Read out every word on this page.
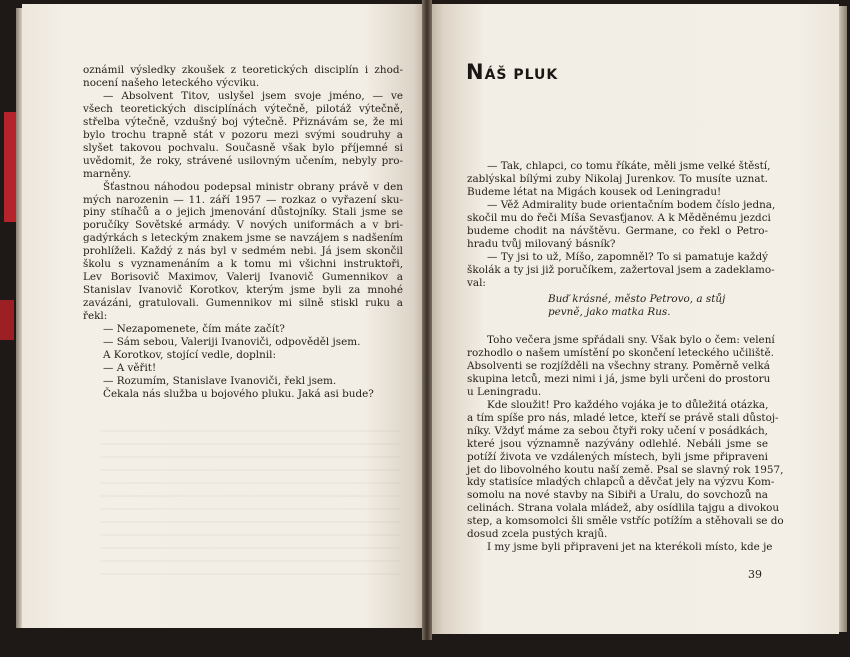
oznámil výsledky zkoušek z teoretických disciplín i zhod-
nocení našeho leteckého výcviku.
— Absolvent Titov, uslyšel jsem svoje jméno, — ve
všech teoretických disciplínách výtečně, pilotáž výtečně,
střelba výtečně, vzdušný boj výtečně. Přiznávám se, že mi
bylo trochu trapně stát v pozoru mezi svými soudruhy a
slyšet takovou pochvalu. Současně však bylo příjemné si
uvědomit, že roky, strávené usilovným učením, nebyly pro-
marněny.
Šťastnou náhodou podepsal ministr obrany právě v den
mých narozenin — 11. září 1957 — rozkaz o vyřazení sku-
piny stíhačů a o jejich jmenování důstojníky. Stali jsme se
poručíky Sovětské armády. V nových uniformách a v bri-
gadýrkách s leteckým znakem jsme se navzájem s nadšením
prohlíželi. Každý z nás byl v sedmém nebi. Já jsem skončil
školu s vyznamenáním a k tomu mi všichni instruktoři,
Lev Borisovič Maximov, Valerij Ivanovič Gumennikov a
Stanislav Ivanovič Korotkov, kterým jsme byli za mnohé
zavázáni, gratulovali. Gumennikov mi silně stiskl ruku a
řekl:
— Nezapomenete, čím máte začít?
— Sám sebou, Valeriji Ivanoviči, odpověděl jsem.
A Korotkov, stojící vedle, doplnil:
— A věřit!
— Rozumím, Stanislave Ivanoviči, řekl jsem.
Čekala nás služba u bojového pluku. Jaká asi bude?
NÁŠ PLUK
— Tak, chlapci, co tomu říkáte, měli jsme velké štěstí,
zablýskal bílými zuby Nikolaj Jurenkov. To musíte uznat.
Budeme létat na Migách kousek od Leningradu!
— Věž Admirality bude orientačním bodem číslo jedna,
skočil mu do řeči Míša Sevasťjanov. A k Měděnému jezdci
budeme chodit na návštěvu. Germane, co řekl o Petro-
hradu tvůj milovaný básník?
— Ty jsi to už, Míšo, zapomněl? To si pamatuje každý
školák a ty jsi již poručíkem, zažertoval jsem a zadeklamo-
val:
Buď krásné, město Petrovo, a stůj
pevně, jako matka Rus.
Toho večera jsme spřádali sny. Však bylo o čem: velení
rozhodlo o našem umístění po skončení leteckého učiliště.
Absolventi se rozjížděli na všechny strany. Poměrně velká
skupina letců, mezi nimi i já, jsme byli určeni do prostoru
u Leningradu.
Kde sloužit! Pro každého vojáka je to důležitá otázka,
a tím spíše pro nás, mladé letce, kteří se právě stali důstoj-
níky. Vždyť máme za sebou čtyři roky učení v posádkách,
které jsou významně nazývány odlehlé. Nebáli jsme se
potíží života ve vzdálených místech, byli jsme připraveni
jet do libovolného koutu naší země. Psal se slavný rok 1957,
kdy statisíce mladých chlapců a děvčat jely na výzvu Kom-
somolu na nové stavby na Sibiři a Uralu, do sovchozů na
celinách. Strana volala mládež, aby osídlila tajgu a divokou
step, a komsomolci šli směle vstříc potížím a stěhovali se do
dosud zcela pustých krajů.
I my jsme byli připraveni jet na kterékoli místo, kde je
39
